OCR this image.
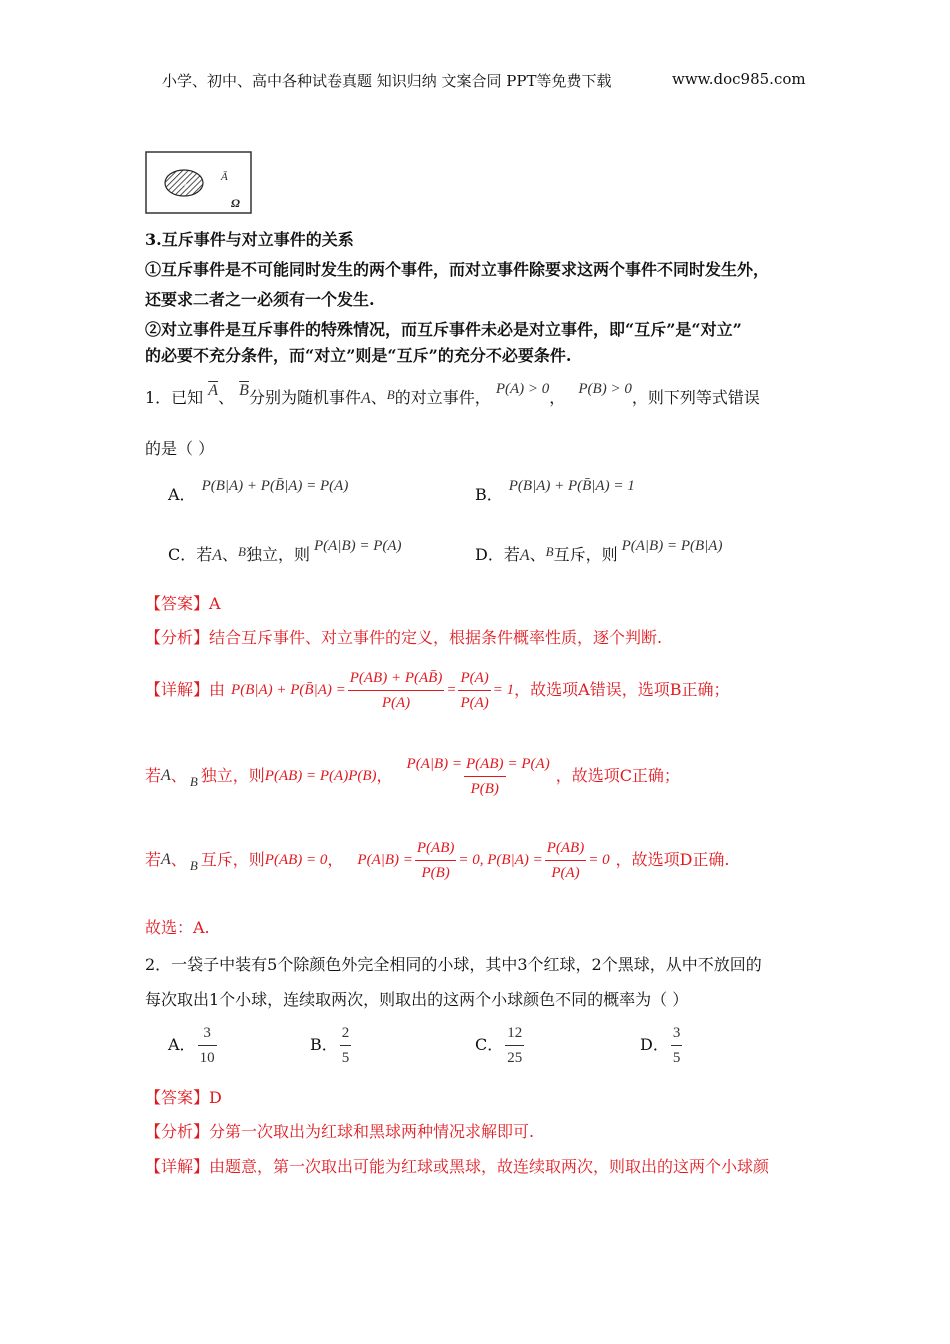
小学、初中、高中各种试卷真题 知识归纳 文案合同 PPT等免费下载	www.doc985.com
A
Ā
Ω
3.互斥事件与对立事件的关系
①互斥事件是不可能同时发生的两个事件，而对立事件除要求这两个事件不同时发生外，
还要求二者之一必须有一个发生.
②对立事件是互斥事件的特殊情况，而互斥事件未必是对立事件，即“互斥”是“对立”
的必要不充分条件，而“对立”则是“互斥”的充分不必要条件.
1．已知 $\overline{A}$、 $\overline{B}$分别为随机事件A、$^B$的对立事件， P(A) > 0， P(B) > 0，则下列等式错误
的是（ ）
A． P(B|A) + P(B̄|A) = P(A)	B． P(B|A) + P(B̄|A) = 1
C．若A、$^B$独立，则 P(A|B) = P(A)	D．若A、$^B$互斥，则 P(A|B) = P(B|A)
【答案】A
【分析】结合互斥事件、对立事件的定义，根据条件概率性质，逐个判断.
【详解】 由 P(B|A) + P(B̄|A) = $\frac{P(AB) + P(AB̄)}{P(A)} = \frac{P(A)}{P(A)} = 1$ ，故选项A错误，选项B正确；
若 A 、 B 独立，则 P(AB) = P(A)P(B) ，
$P(A|B) = \frac{P(AB)}{P(B)} = P(A)$
，故选项C正确；
若 A 、 B 互斥，则 P(AB) = 0 ， $P(A|B) = \frac{P(AB)}{P(B)} = 0$, $P(B|A) = \frac{P(AB)}{P(A)} = 0$ ，故选项D正确.
故选：A.
2．一袋子中装有5个除颜色外完全相同的小球，其中3个红球，2个黑球，从中不放回的
每次取出1个小球，连续取两次，则取出的这两个小球颜色不同的概率为（ ）
A． $\frac{3}{10}$	B． $\frac{2}{5}$	C． $\frac{12}{25}$	D． $\frac{3}{5}$
【答案】D
【分析】分第一次取出为红球和黑球两种情况求解即可.
【详解】由题意，第一次取出可能为红球或黑球，故连续取两次，则取出的这两个小球颜
